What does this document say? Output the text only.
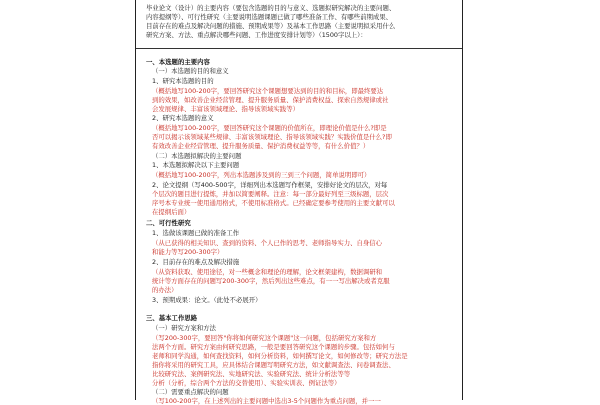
毕业论文（设计）的主要内容（要包含选题的目的与意义、选题拟研究解决的主要问题、
内容提纲等）、可行性研究（主要说明选题课题已做了哪些准备工作、有哪些前期成果、
目前存在的难点及解决问题的措施、预期成果等）及基本工作思路（主要说明拟采用什么
研究方案、方法、重点解决哪些问题、工作进度安排计划等）（1500字以上）：
一、本选题的主要内容
（一）本选题的目的和意义
1、研究本选题的目的
（概括地写100-200字，要回答研究这个课题想要达到的目的和目标，即最终要达
到的效果，如改善企业经营管理、提升服务质量、保护消费权益、探索自然规律或社
会发展规律、丰富该领域理论、指导该领域实践等）
2、研究本选题的意义
（概括地写100-200字，要回答研究这个课题的价值所在，即理论价值是什么?即是
否可以揭示该领域某些规律、丰富该领域理论、指导该领域实践？实践价值是什么?即
有效改善企业经营管理、提升服务质量、保护消费权益等等，有什么价值？）
（二）本选题拟解决的主要问题
1、本选题拟解决以下主要问题
（概括地写100-200字，列出本选题涉及到的三到三个问题，简单说明即可）
2、论文提纲（写400-500字，详细列出本选题写作框架，安排好论文的层次，对每
个层次的题目进行提炼，并加以简要阐释。注意：每一部分最好列至三级标题，层次
序号本专业统一使用通用格式，不使用标准格式。已经确定要参考使用的主要文献可以
在提纲后面）
二、可行性研究
1、选做该课题已做的准备工作
（从已获得的相关知识、查到的资料、个人已作的思考、老师指导实力、自身信心
和能力等写200-300字）
2、目前存在的难点及解决措施
（从资料获取、使用途径，对一些概念和理论的理解，论文框架建构，数据调研和
统计等方面存在的问题写200-300字，然后列出这些难点，有一一写出解决或者克服
的办法）
3、预期成果：论文。（此处不必展开）
三、基本工作思路
（一）研究方案和方法
（写200-300字，要回答"你将如何研究这个课题"这一问题，包括研究方案和方
法两个方面。研究方案由何研究思路，一般是要回答研究这个课题的步骤。包括如何与
老师和同学沟通，如何查找资料，如何分析资料，如何撰写论文，如何修改等；研究方法是
指你将采用的研究工具，应具体结合课题写明研究方法，如文献调查法、问卷调查法、
比较研究法、案例研究法、实地研究法、实验研究法、统计分析法等等
分析（分析，综合两个方法的交替使用）、实验实训表、例证法等）
（二）需要重点解决的问题
（写100-200字，在上述列出的主要问题中选出3-5个问题作为重点问题，并一一
